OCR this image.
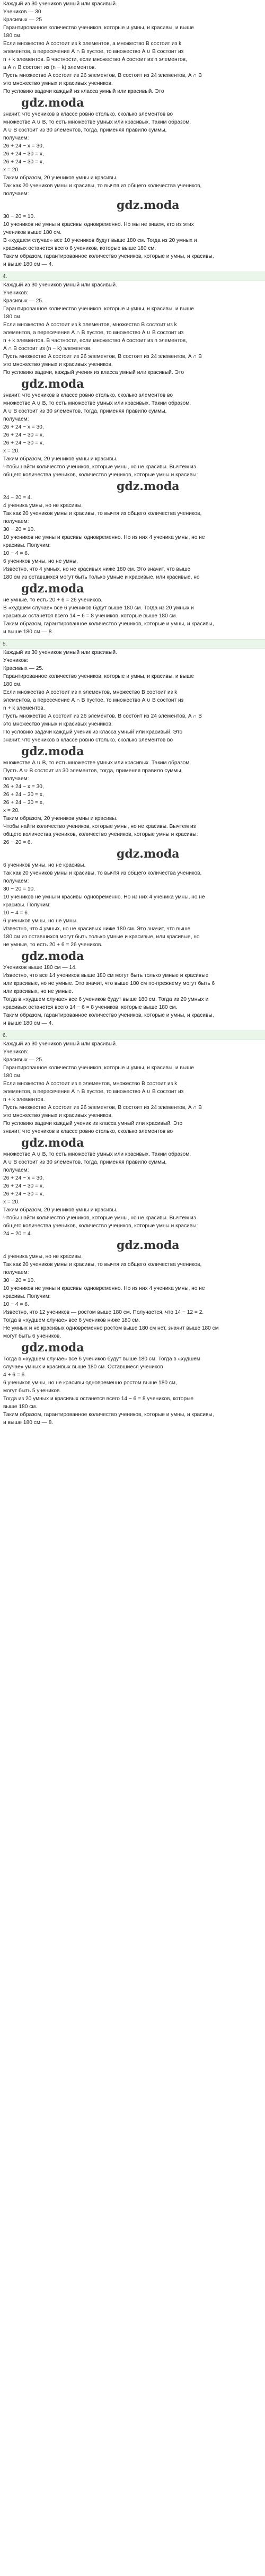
Каждый из 30 учеников умный или красивый.
Учеников — 30
Красивых — 25
Гарантированное количество учеников, которые и умны, и красивы, и выше
180 см.
Если множество A состоит из k элементов, а множество B состоит из k
элементов, а пересечение A ∩ B пустое, то множество A ∪ B состоит из
n + k элементов. В частности, если множество A состоит из n элементов,
а A ∩ B состоит из (n − k) элементов.
Пусть множество A состоит из 26 элементов, B состоит из 24 элементов, A ∩ B
это множество умных и красивых учеников.
По условию задачи каждый из класса умный или красивый. Это
gdz.moda
значит, что учеников в классе ровно столько, сколько элементов во
множестве A ∪ B, то есть множестве умных или красивых. Таким образом,
A ∪ B состоит из 30 элементов, тогда, применяя правило суммы,
получаем:
26 + 24 − x = 30,
26 + 24 − 30 = x,
26 + 24 − 30 = x,
x = 20.
Таким образом, 20 учеников умны и красивы.
Так как 20 учеников умны и красивы, то вычтя из общего количества учеников,
получаем:
gdz.moda
30 − 20 = 10.
10 учеников не умны и красивы одновременно. Но мы не знаем, кто из этих
учеников выше 180 см.
В «худшем случае» все 10 учеников будут выше 180 см. Тогда из 20 умных и
красивых останется всего 6 учеников, которые выше 180 см.
Таким образом, гарантированное количество учеников, которые и умны, и красивы,
и выше 180 см — 4.
4.
Каждый из 30 учеников умный или красивый.
Учеников:
Красивых — 25.
Гарантированное количество учеников, которые и умны, и красивы, и выше
180 см.
Если множество A состоит из k элементов, множество B состоит из k
элементов, а пересечение A ∩ B пустое, то множество A ∪ B состоит из
n + k элементов. В частности, если множество A состоит из n элементов,
A ∩ B состоит из (n − k) элементов.
Пусть множество A состоит из 26 элементов, B состоит из 24 элементов, A ∩ B
это множество умных и красивых учеников.
По условию задачи, каждый ученик из класса умный или красивый. Это
gdz.moda
значит, что учеников в классе ровно столько, сколько элементов во
множестве A ∪ B, то есть множестве умных или красивых. Таким образом,
A ∪ B состоит из 30 элементов, тогда, применяя правило суммы,
получаем:
26 + 24 − x = 30,
26 + 24 − 30 = x,
26 + 24 − 30 = x,
x = 20.
Таким образом, 20 учеников умны и красивы.
Чтобы найти количество учеников, которые умны, но не красивы. Вычтем из
общего количества учеников, количество учеников, которые умны и красивы:
gdz.moda
24 − 20 = 4.
4 ученика умны, но не красивы.
Так как 20 учеников умны и красивы, то вычтя из общего количества учеников,
получаем:
30 − 20 = 10.
10 учеников не умны и красивы одновременно. Но из них 4 ученика умны, но не
красивы. Получим:
10 − 4 = 6.
6 учеников умны, но не умны.
Известно, что 4 умных, но не красивых ниже 180 см. Это значит, что выше
180 см из оставшихся могут быть только умные и красивые, или красивые, но
gdz.moda
не умные, то есть 20 + 6 = 26 учеников.
В «худшем случае» все 6 учеников будут выше 180 см. Тогда из 20 умных и
красивых останется всего 14 − 6 = 8 учеников, которые выше 180 см.
Таким образом, гарантированное количество учеников, которые и умны, и красивы,
и выше 180 см — 8.
5.
Каждый из 30 учеников умный или красивый.
Учеников:
Красивых — 25.
Гарантированное количество учеников, которые и умны, и красивы, и выше
180 см.
Если множество A состоит из n элементов, множество B состоит из k
элементов, а пересечение A ∩ B пустое, то множество A ∪ B состоит из
n + k элементов.
Пусть множество A состоит из 26 элементов, B состоит из 24 элементов, A ∩ B
это множество умных и красивых учеников.
По условию задачи каждый ученик из класса умный или красивый. Это
значит, что учеников в классе ровно столько, сколько элементов во
gdz.moda
множестве A ∪ B, то есть множестве умных или красивых. Таким образом,
Пусть A ∪ B состоит из 30 элементов, тогда, применяя правило суммы,
получаем:
26 + 24 − x = 30,
26 + 24 − 30 = x,
26 + 24 − 30 = x,
x = 20.
Таким образом, 20 учеников умны и красивы.
Чтобы найти количество учеников, которые умны, но не красивы. Вычтем из
общего количества учеников, количество учеников, которые умны и красивы:
26 − 20 = 6.
gdz.moda
6 учеников умны, но не красивы.
Так как 20 учеников умны и красивы, то вычтя из общего количества учеников,
получаем:
30 − 20 = 10.
10 учеников не умны и красивы одновременно. Но из них 4 ученика умны, но не
красивы. Получим:
10 − 4 = 6.
6 учеников умны, но не умны.
Известно, что 4 умных, но не красивых ниже 180 см. Это значит, что выше
180 см из оставшихся могут быть только умные и красивые, или красивые, но
не умные, то есть 20 + 6 = 26 учеников.
gdz.moda
Учеников выше 180 см — 14.
Известно, что все 14 учеников выше 180 см могут быть только умные и красивые
или красивые, но не умные. Это значит, что выше 180 см по-прежнему могут быть 6
или красивых, но не умные.
Тогда в «худшем случае» все 6 учеников будут выше 180 см. Тогда из 20 умных и
красивых останется всего 14 − 6 = 8 учеников, которые выше 180 см.
Таким образом, гарантированное количество учеников, которые и умны, и красивы,
и выше 180 см — 4.
6.
Каждый из 30 учеников умный или красивый.
Учеников:
Красивых — 25.
Гарантированное количество учеников, которые и умны, и красивы, и выше
180 см.
Если множество A состоит из n элементов, множество B состоит из k
элементов, а пересечение A ∩ B пустое, то множество A ∪ B состоит из
n + k элементов.
Пусть множество A состоит из 26 элементов, B состоит из 24 элементов, A ∩ B
это множество умных и красивых учеников.
По условию задачи каждый ученик из класса умный или красивый. Это
значит, что учеников в классе ровно столько, сколько элементов во
gdz.moda
множестве A ∪ B, то есть множестве умных или красивых. Таким образом,
A ∪ B состоит из 30 элементов, тогда, применяя правило суммы,
получаем:
26 + 24 − x = 30,
26 + 24 − 30 = x,
26 + 24 − 30 = x,
x = 20.
Таким образом, 20 учеников умны и красивы.
Чтобы найти количество учеников, которые умны, но не красивы. Вычтем из
общего количества учеников, количество учеников, которые умны и красивы:
24 − 20 = 4.
gdz.moda
4 ученика умны, но не красивы.
Так как 20 учеников умны и красивы, то вычтя из общего количества учеников,
получаем:
30 − 20 = 10.
10 учеников не умны и красивы одновременно. Но из них 4 ученика умны, но не
красивы. Получим:
10 − 4 = 6.
Известно, что 12 учеников — ростом выше 180 см. Получается, что 14 − 12 = 2.
Тогда в «худшем случае» все 6 учеников ниже 180 см.
Не умных и не красивых одновременно ростом выше 180 см нет, значит выше 180 см
могут быть 6 учеников.
gdz.moda
Тогда в «худшем случае» все 6 учеников будут выше 180 см. Тогда в «худшем
случае» умных и красивых выше 180 см. Оставшиеся учеников
4 + 6 = 6.
6 учеников умны, но не красивы одновременно ростом выше 180 см,
могут быть 5 учеников.
Тогда из 20 умных и красивых останется всего 14 − 6 = 8 учеников, которые
выше 180 см.
Таким образом, гарантированное количество учеников, которые и умны, и красивы,
и выше 180 см — 8.
